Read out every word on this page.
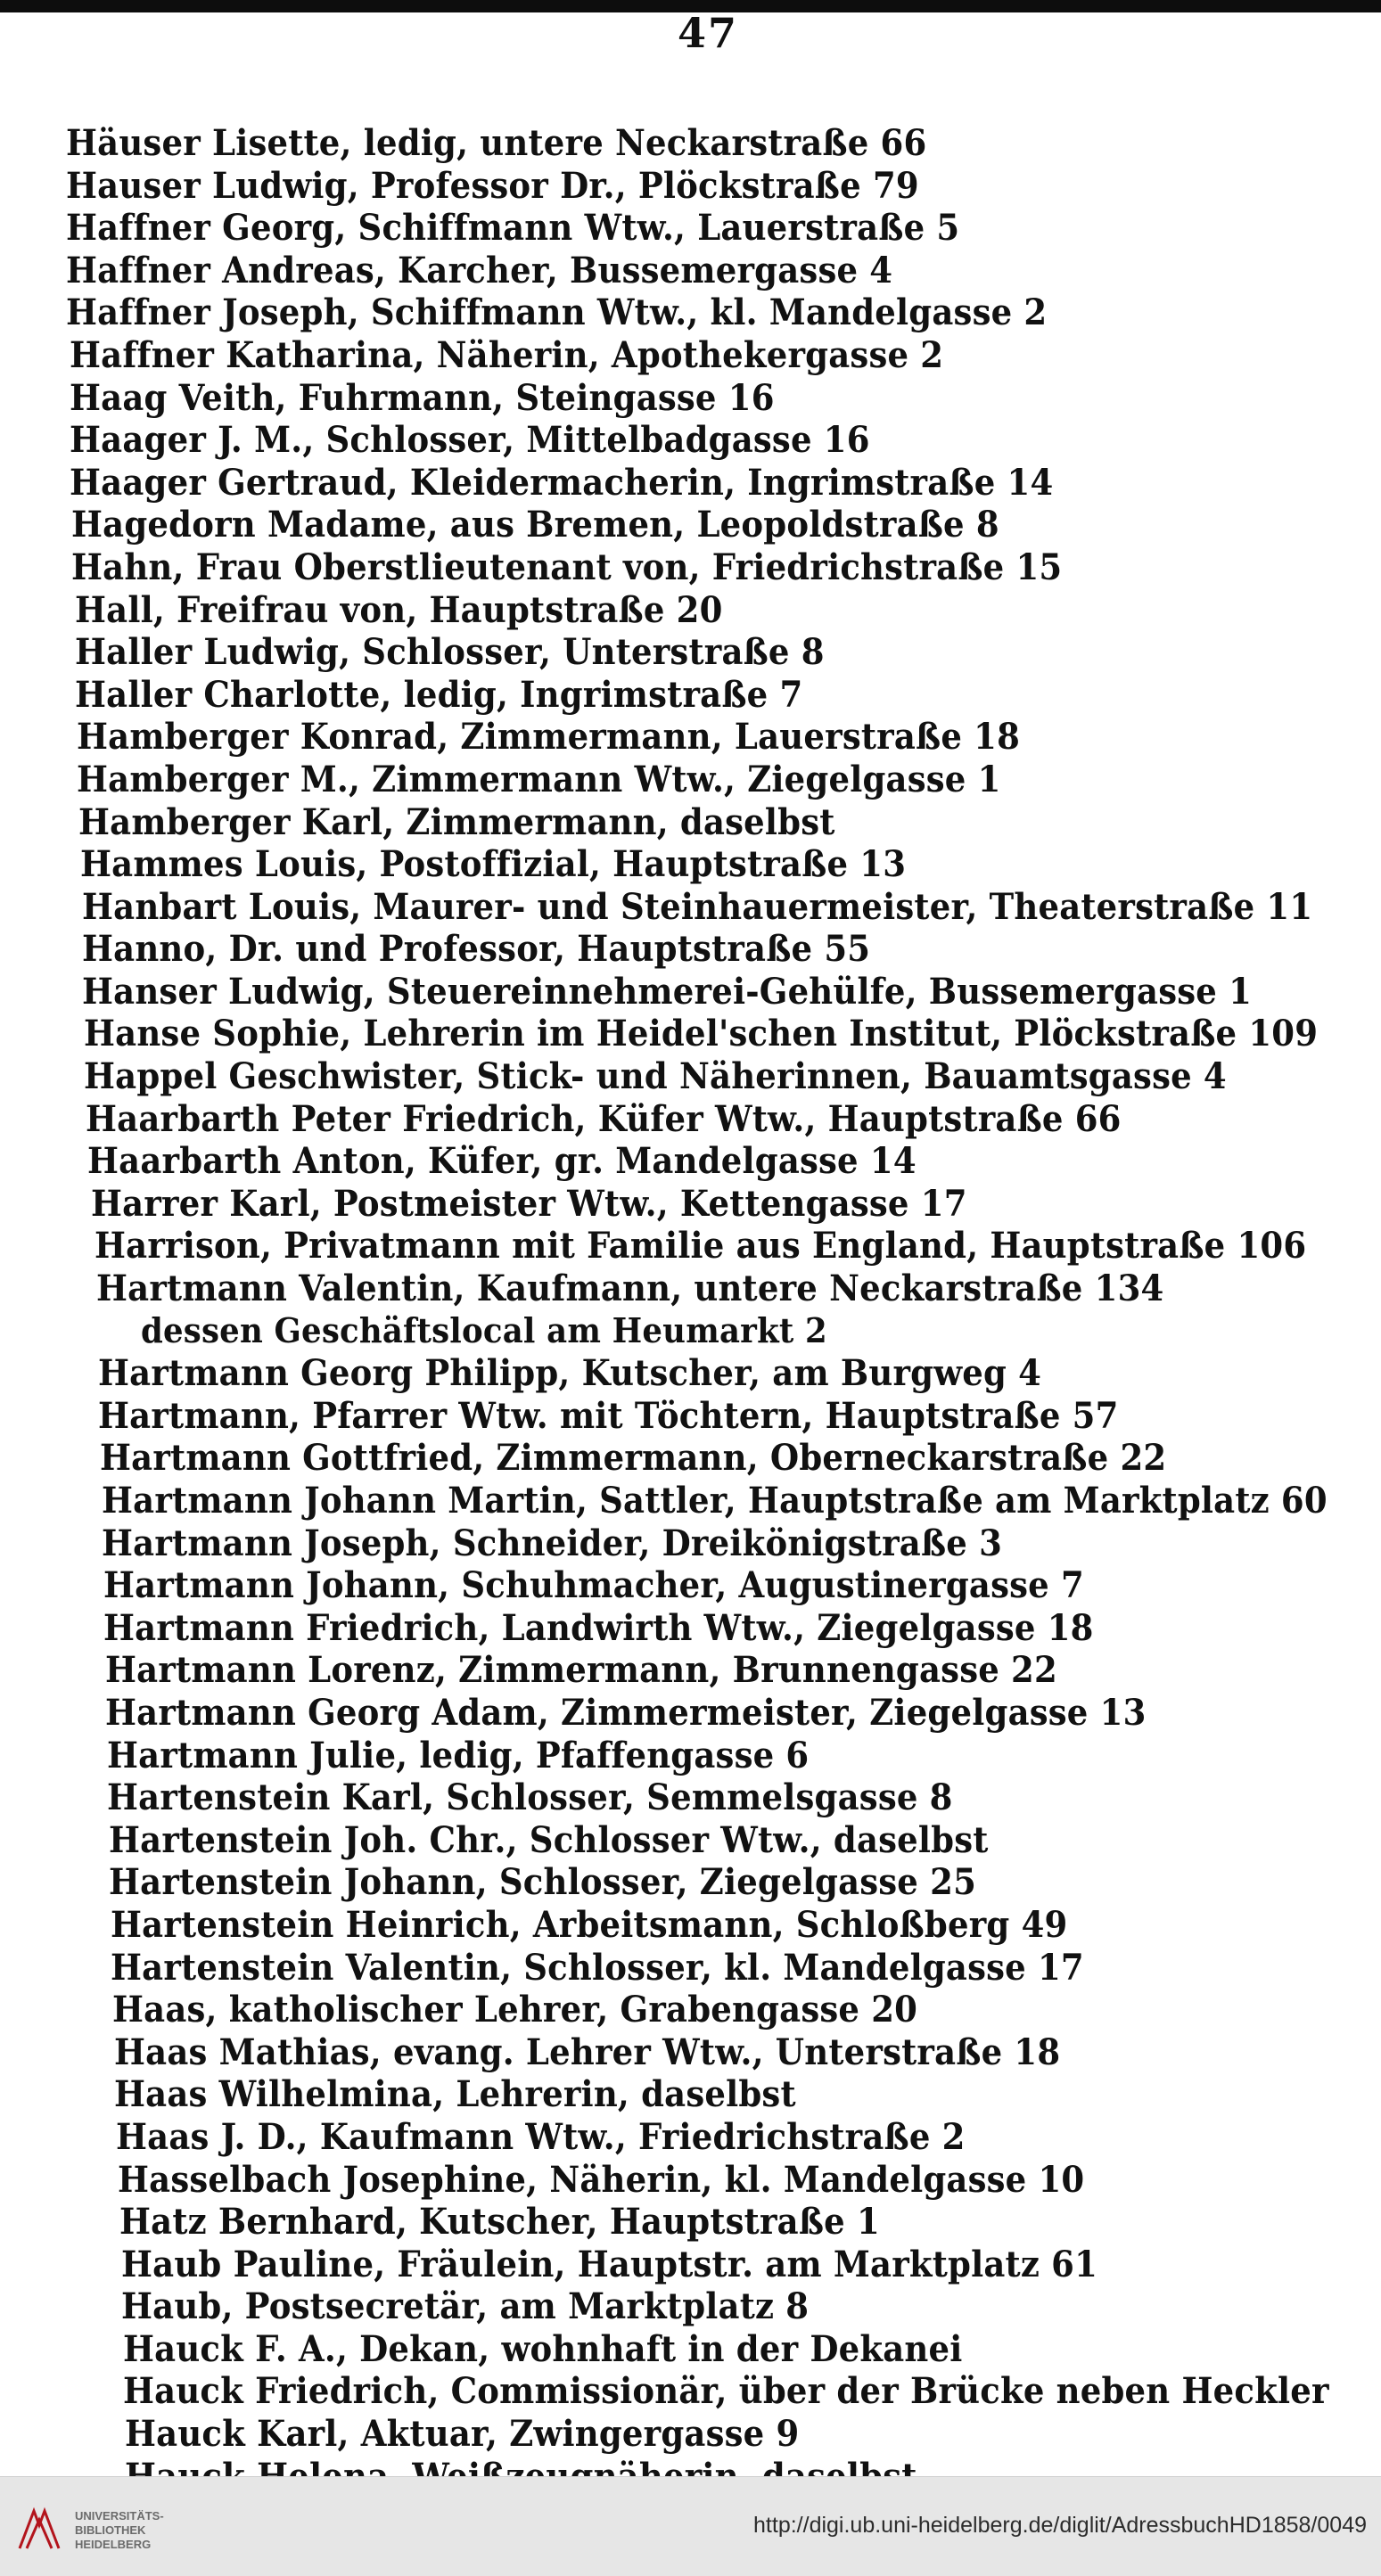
47
Häuser Lisette, ledig, untere Neckarstraße 66
Hauser Ludwig, Professor Dr., Plöckstraße 79
Haffner Georg, Schiffmann Wtw., Lauerstraße 5
Haffner Andreas, Karcher, Bussemergasse 4
Haffner Joseph, Schiffmann Wtw., kl. Mandelgasse 2
Haffner Katharina, Näherin, Apothekergasse 2
Haag Veith, Fuhrmann, Steingasse 16
Haager J. M., Schlosser, Mittelbadgasse 16
Haager Gertraud, Kleidermacherin, Ingrimstraße 14
Hagedorn Madame, aus Bremen, Leopoldstraße 8
Hahn, Frau Oberstlieutenant von, Friedrichstraße 15
Hall, Freifrau von, Hauptstraße 20
Haller Ludwig, Schlosser, Unterstraße 8
Haller Charlotte, ledig, Ingrimstraße 7
Hamberger Konrad, Zimmermann, Lauerstraße 18
Hamberger M., Zimmermann Wtw., Ziegelgasse 1
Hamberger Karl, Zimmermann, daselbst
Hammes Louis, Postoffizial, Hauptstraße 13
Hanbart Louis, Maurer- und Steinhauermeister, Theaterstraße 11
Hanno, Dr. und Professor, Hauptstraße 55
Hanser Ludwig, Steuereinnehmerei-Gehülfe, Bussemergasse 1
Hanse Sophie, Lehrerin im Heidel'schen Institut, Plöckstraße 109
Happel Geschwister, Stick- und Näherinnen, Bauamtsgasse 4
Haarbarth Peter Friedrich, Küfer Wtw., Hauptstraße 66
Haarbarth Anton, Küfer, gr. Mandelgasse 14
Harrer Karl, Postmeister Wtw., Kettengasse 17
Harrison, Privatmann mit Familie aus England, Hauptstraße 106
Hartmann Valentin, Kaufmann, untere Neckarstraße 134
dessen Geschäftslocal am Heumarkt 2
Hartmann Georg Philipp, Kutscher, am Burgweg 4
Hartmann, Pfarrer Wtw. mit Töchtern, Hauptstraße 57
Hartmann Gottfried, Zimmermann, Oberneckarstraße 22
Hartmann Johann Martin, Sattler, Hauptstraße am Marktplatz 60
Hartmann Joseph, Schneider, Dreikönigstraße 3
Hartmann Johann, Schuhmacher, Augustinergasse 7
Hartmann Friedrich, Landwirth Wtw., Ziegelgasse 18
Hartmann Lorenz, Zimmermann, Brunnengasse 22
Hartmann Georg Adam, Zimmermeister, Ziegelgasse 13
Hartmann Julie, ledig, Pfaffengasse 6
Hartenstein Karl, Schlosser, Semmelsgasse 8
Hartenstein Joh. Chr., Schlosser Wtw., daselbst
Hartenstein Johann, Schlosser, Ziegelgasse 25
Hartenstein Heinrich, Arbeitsmann, Schloßberg 49
Hartenstein Valentin, Schlosser, kl. Mandelgasse 17
Haas, katholischer Lehrer, Grabengasse 20
Haas Mathias, evang. Lehrer Wtw., Unterstraße 18
Haas Wilhelmina, Lehrerin, daselbst
Haas J. D., Kaufmann Wtw., Friedrichstraße 2
Hasselbach Josephine, Näherin, kl. Mandelgasse 10
Hatz Bernhard, Kutscher, Hauptstraße 1
Haub Pauline, Fräulein, Hauptstr. am Marktplatz 61
Haub, Postsecretär, am Marktplatz 8
Hauck F. A., Dekan, wohnhaft in der Dekanei
Hauck Friedrich, Commissionär, über der Brücke neben Heckler
Hauck Karl, Aktuar, Zwingergasse 9
UNIVERSITÄTS-
BIBLIOTHEK
HEIDELBERG
http://digi.ub.uni-heidelberg.de/diglit/AdressbuchHD1858/0049
